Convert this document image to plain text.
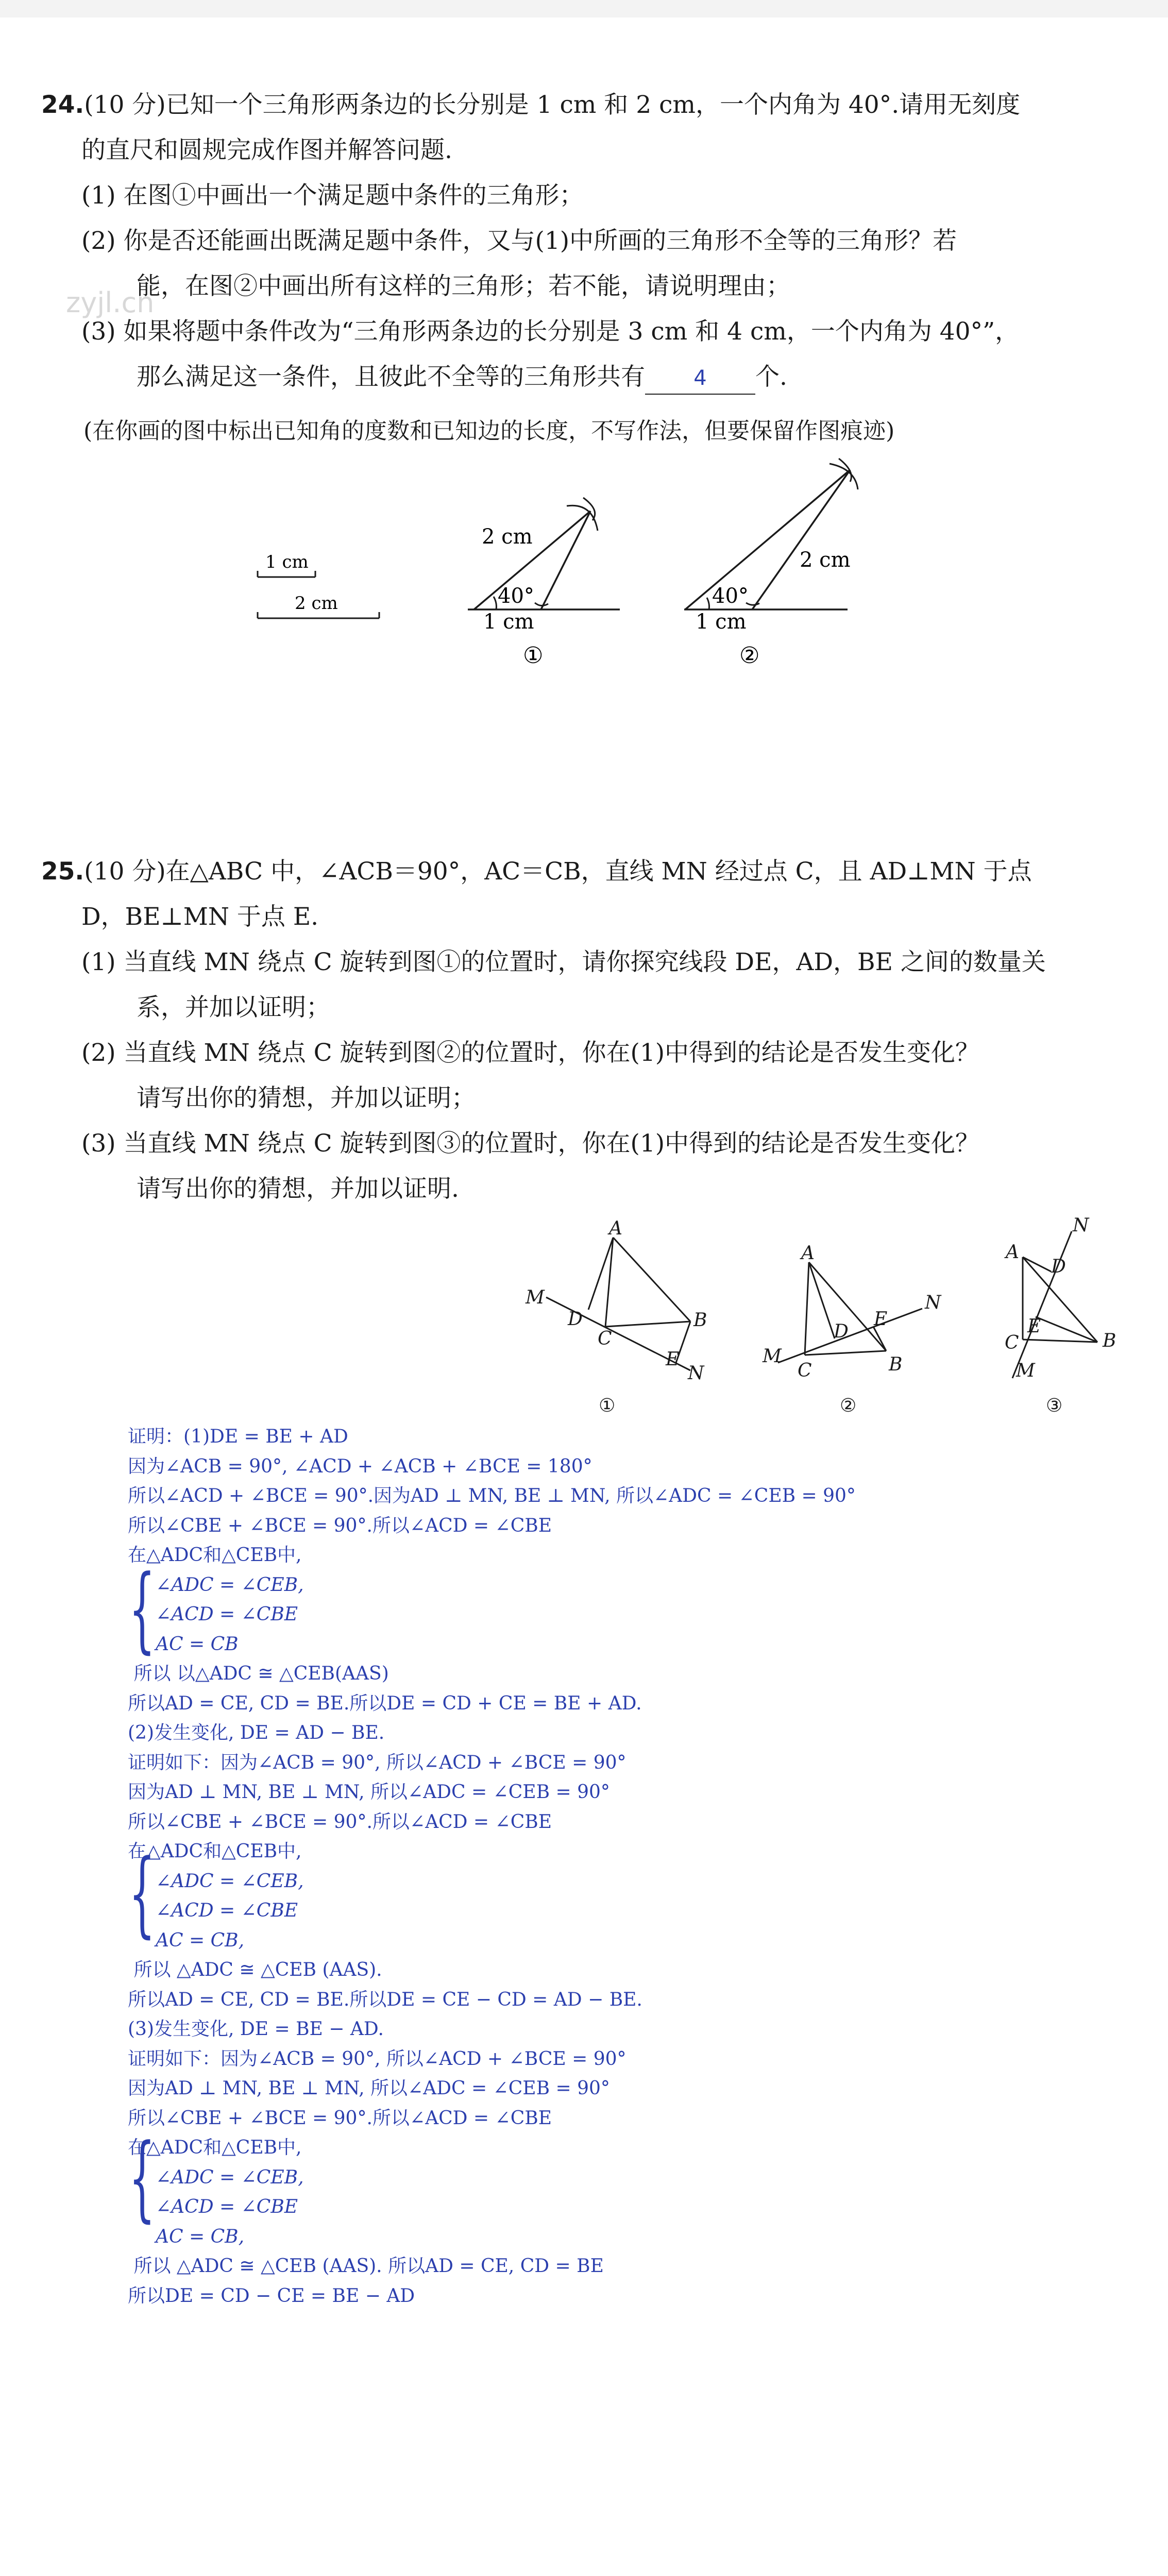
zyjl.cn
24.(10 分)已知一个三角形两条边的长分别是 1 cm 和 2 cm，一个内角为 40°.请用无刻度
的直尺和圆规完成作图并解答问题.
(1) 在图①中画出一个满足题中条件的三角形；
(2) 你是否还能画出既满足题中条件，又与(1)中所画的三角形不全等的三角形？若
能，在图②中画出所有这样的三角形；若不能，请说明理由；
(3) 如果将题中条件改为“三角形两条边的长分别是 3 cm 和 4 cm，一个内角为 40°”，
那么满足这一条件，且彼此不全等的三角形共有 4 个.
(在你画的图中标出已知角的度数和已知边的长度，不写作法，但要保留作图痕迹)
1 cm
2 cm
2 cm
40°
1 cm
①
2 cm
40°
1 cm
②
25.(10 分)在△ABC 中，∠ACB＝90°，AC＝CB，直线 MN 经过点 C，且 AD⊥MN 于点
D，BE⊥MN 于点 E.
(1) 当直线 MN 绕点 C 旋转到图①的位置时，请你探究线段 DE，AD，BE 之间的数量关
系，并加以证明；
(2) 当直线 MN 绕点 C 旋转到图②的位置时，你在(1)中得到的结论是否发生变化？
请写出你的猜想，并加以证明；
(3) 当直线 MN 绕点 C 旋转到图③的位置时，你在(1)中得到的结论是否发生变化？
请写出你的猜想，并加以证明.
A
B
C
D
E
M
N
①
A
B
C
D
E
M
N
②
A
B
C
D
E
M
N
③
证明：(1)DE = BE + AD
因为∠ACB = 90°, ∠ACD + ∠ACB + ∠BCE = 180°
所以∠ACD + ∠BCE = 90°.因为AD ⊥ MN, BE ⊥ MN, 所以∠ADC = ∠CEB = 90°
所以∠CBE + ∠BCE = 90°.所以∠ACD = ∠CBE
在△ADC和△CEB中,
∠ADC = ∠CEB,
∠ACD = ∠CBE
AC = CB
所以 以△ADC ≅ △CEB(AAS)
所以AD = CE, CD = BE.所以DE = CD + CE = BE + AD.
(2)发生变化, DE = AD − BE.
证明如下：因为∠ACB = 90°, 所以∠ACD + ∠BCE = 90°
因为AD ⊥ MN, BE ⊥ MN, 所以∠ADC = ∠CEB = 90°
所以∠CBE + ∠BCE = 90°.所以∠ACD = ∠CBE
在△ADC和△CEB中,
∠ADC = ∠CEB,
∠ACD = ∠CBE
AC = CB,
所以 △ADC ≅ △CEB (AAS).
所以AD = CE, CD = BE.所以DE = CE − CD = AD − BE.
(3)发生变化, DE = BE − AD.
证明如下：因为∠ACB = 90°, 所以∠ACD + ∠BCE = 90°
因为AD ⊥ MN, BE ⊥ MN, 所以∠ADC = ∠CEB = 90°
所以∠CBE + ∠BCE = 90°.所以∠ACD = ∠CBE
在△ADC和△CEB中,
∠ADC = ∠CEB,
∠ACD = ∠CBE
AC = CB,
所以 △ADC ≅ △CEB (AAS). 所以AD = CE, CD = BE
所以DE = CD − CE = BE − AD
{
{
{
